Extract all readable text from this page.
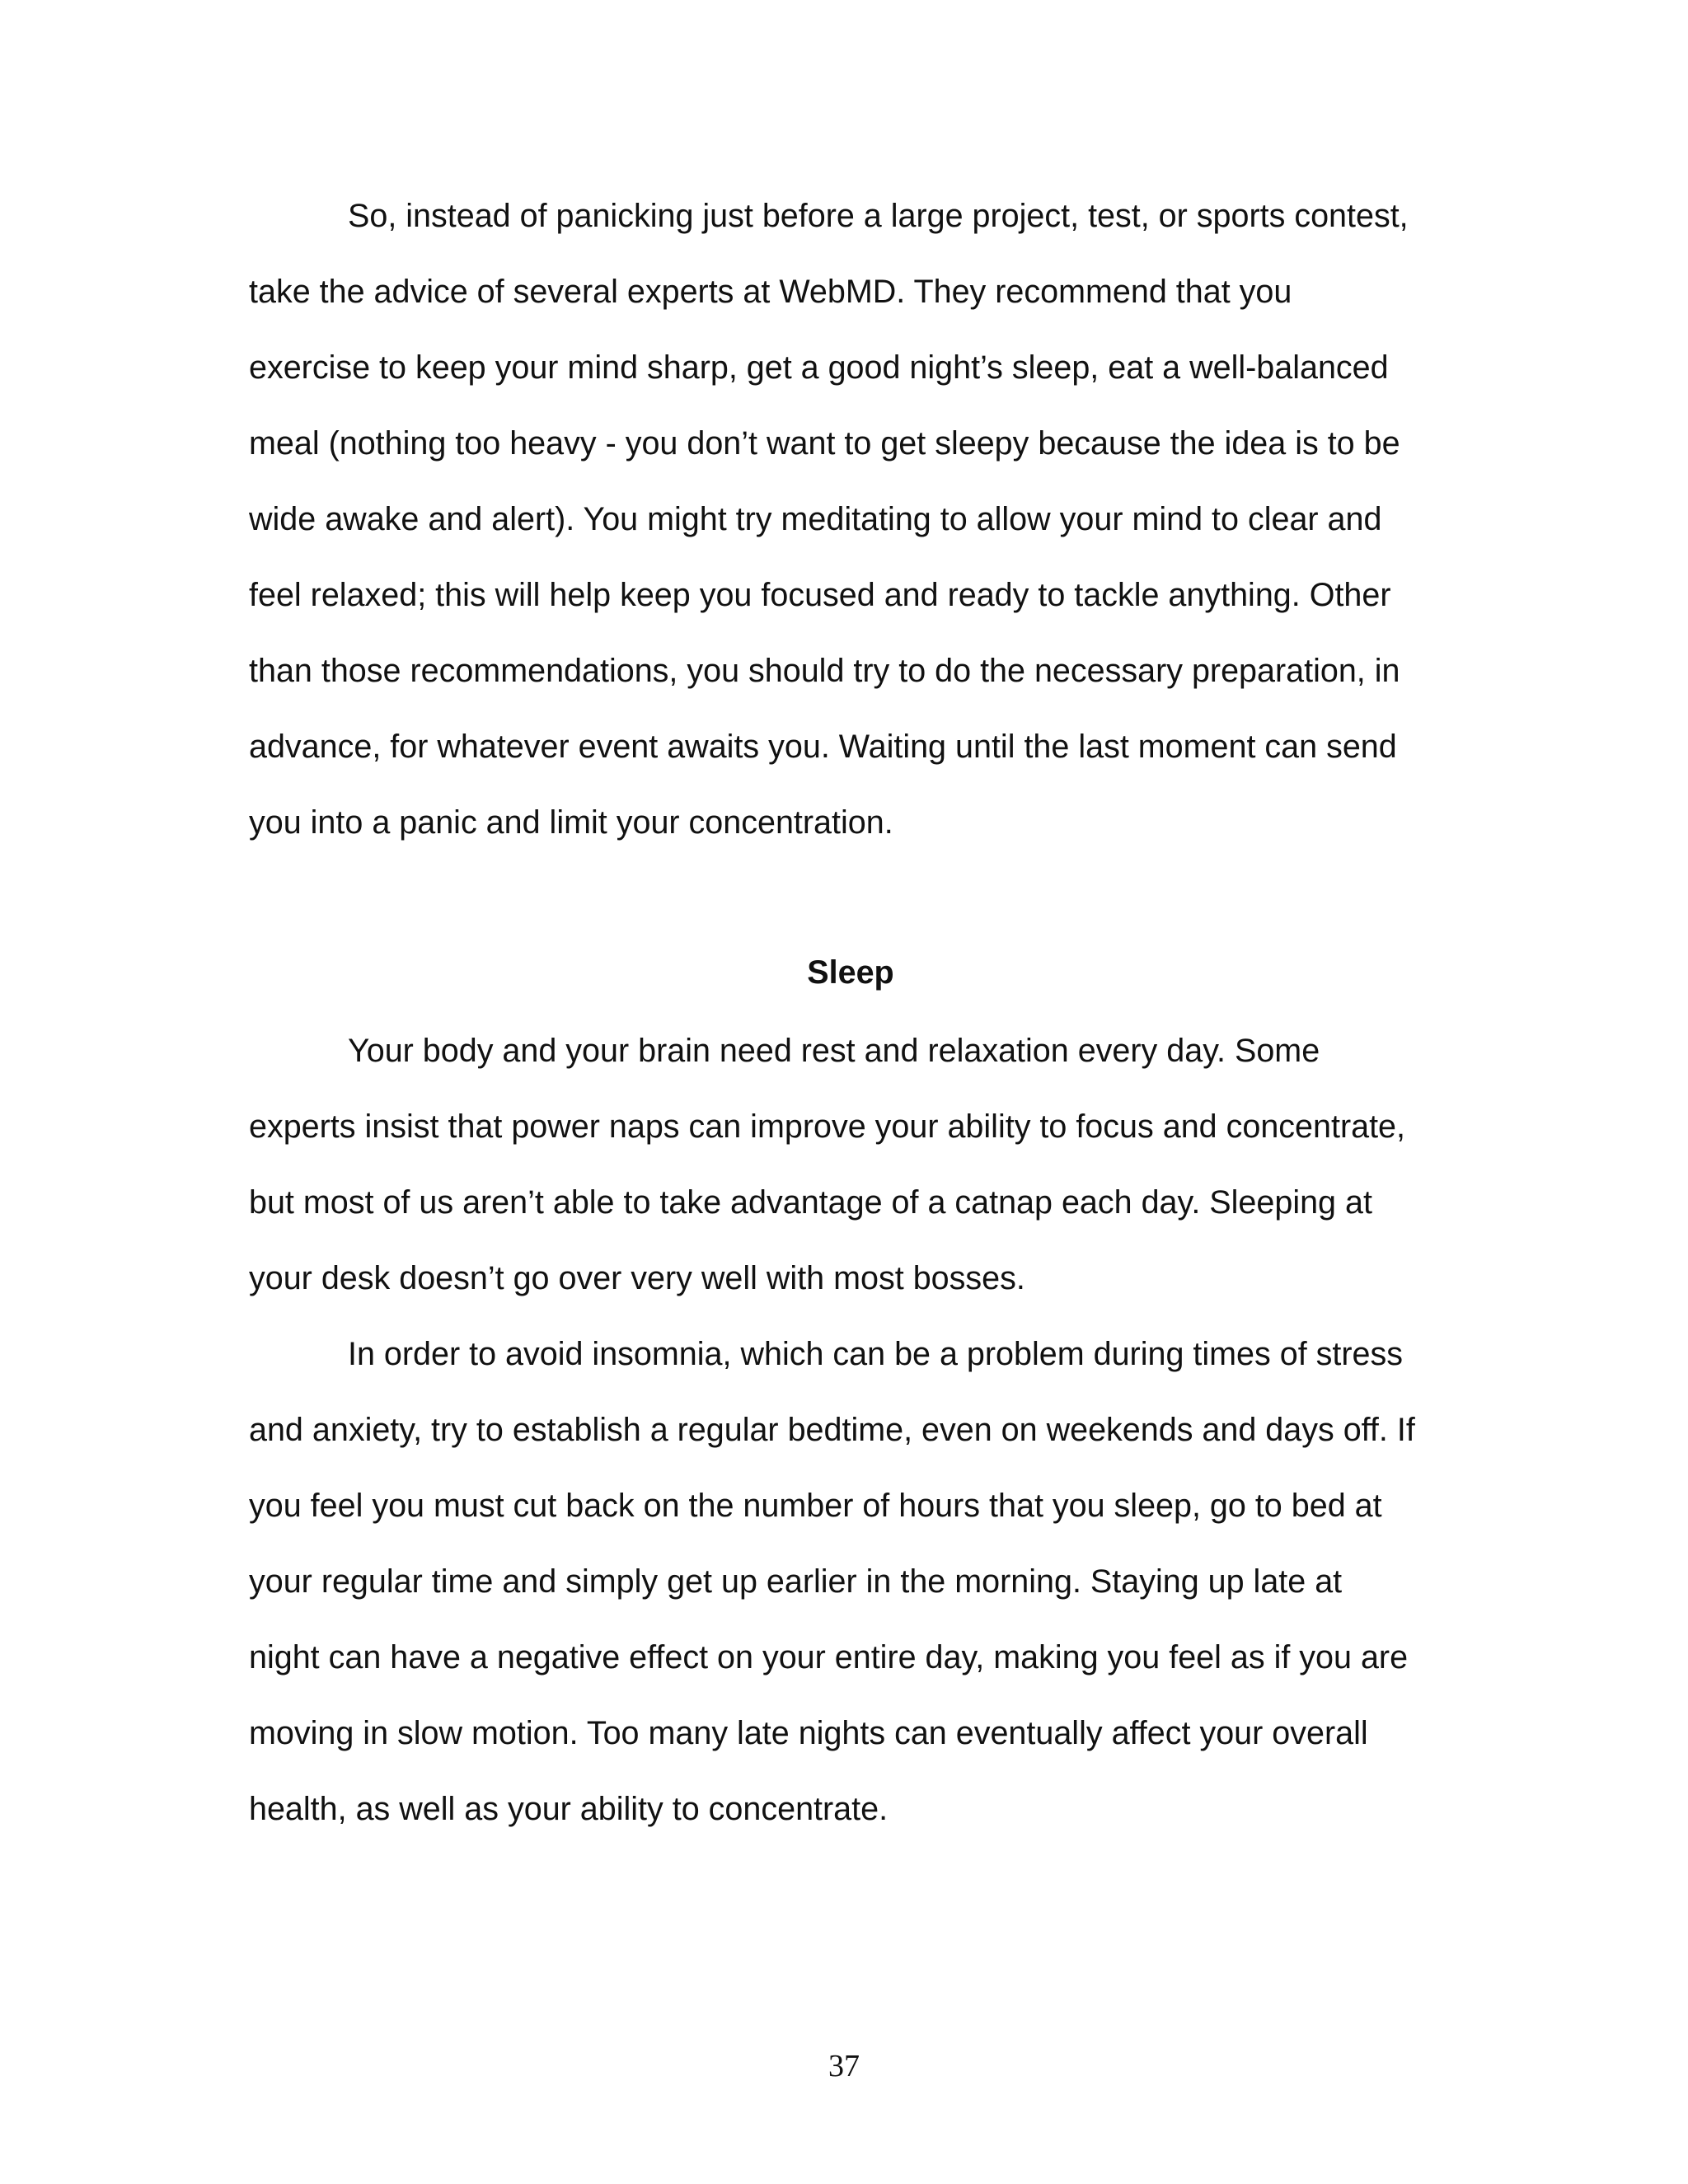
So, instead of panicking just before a large project, test, or sports contest,
take the advice of several experts at WebMD. They recommend that you
exercise to keep your mind sharp, get a good night’s sleep, eat a well-balanced
meal (nothing too heavy - you don’t want to get sleepy because the idea is to be
wide awake and alert). You might try meditating to allow your mind to clear and
feel relaxed; this will help keep you focused and ready to tackle anything. Other
than those recommendations, you should try to do the necessary preparation, in
advance, for whatever event awaits you. Waiting until the last moment can send
you into a panic and limit your concentration.
Sleep
Your body and your brain need rest and relaxation every day. Some
experts insist that power naps can improve your ability to focus and concentrate,
but most of us aren’t able to take advantage of a catnap each day. Sleeping at
your desk doesn’t go over very well with most bosses.
In order to avoid insomnia, which can be a problem during times of stress
and anxiety, try to establish a regular bedtime, even on weekends and days off. If
you feel you must cut back on the number of hours that you sleep, go to bed at
your regular time and simply get up earlier in the morning. Staying up late at
night can have a negative effect on your entire day, making you feel as if you are
moving in slow motion. Too many late nights can eventually affect your overall
health, as well as your ability to concentrate.
37
